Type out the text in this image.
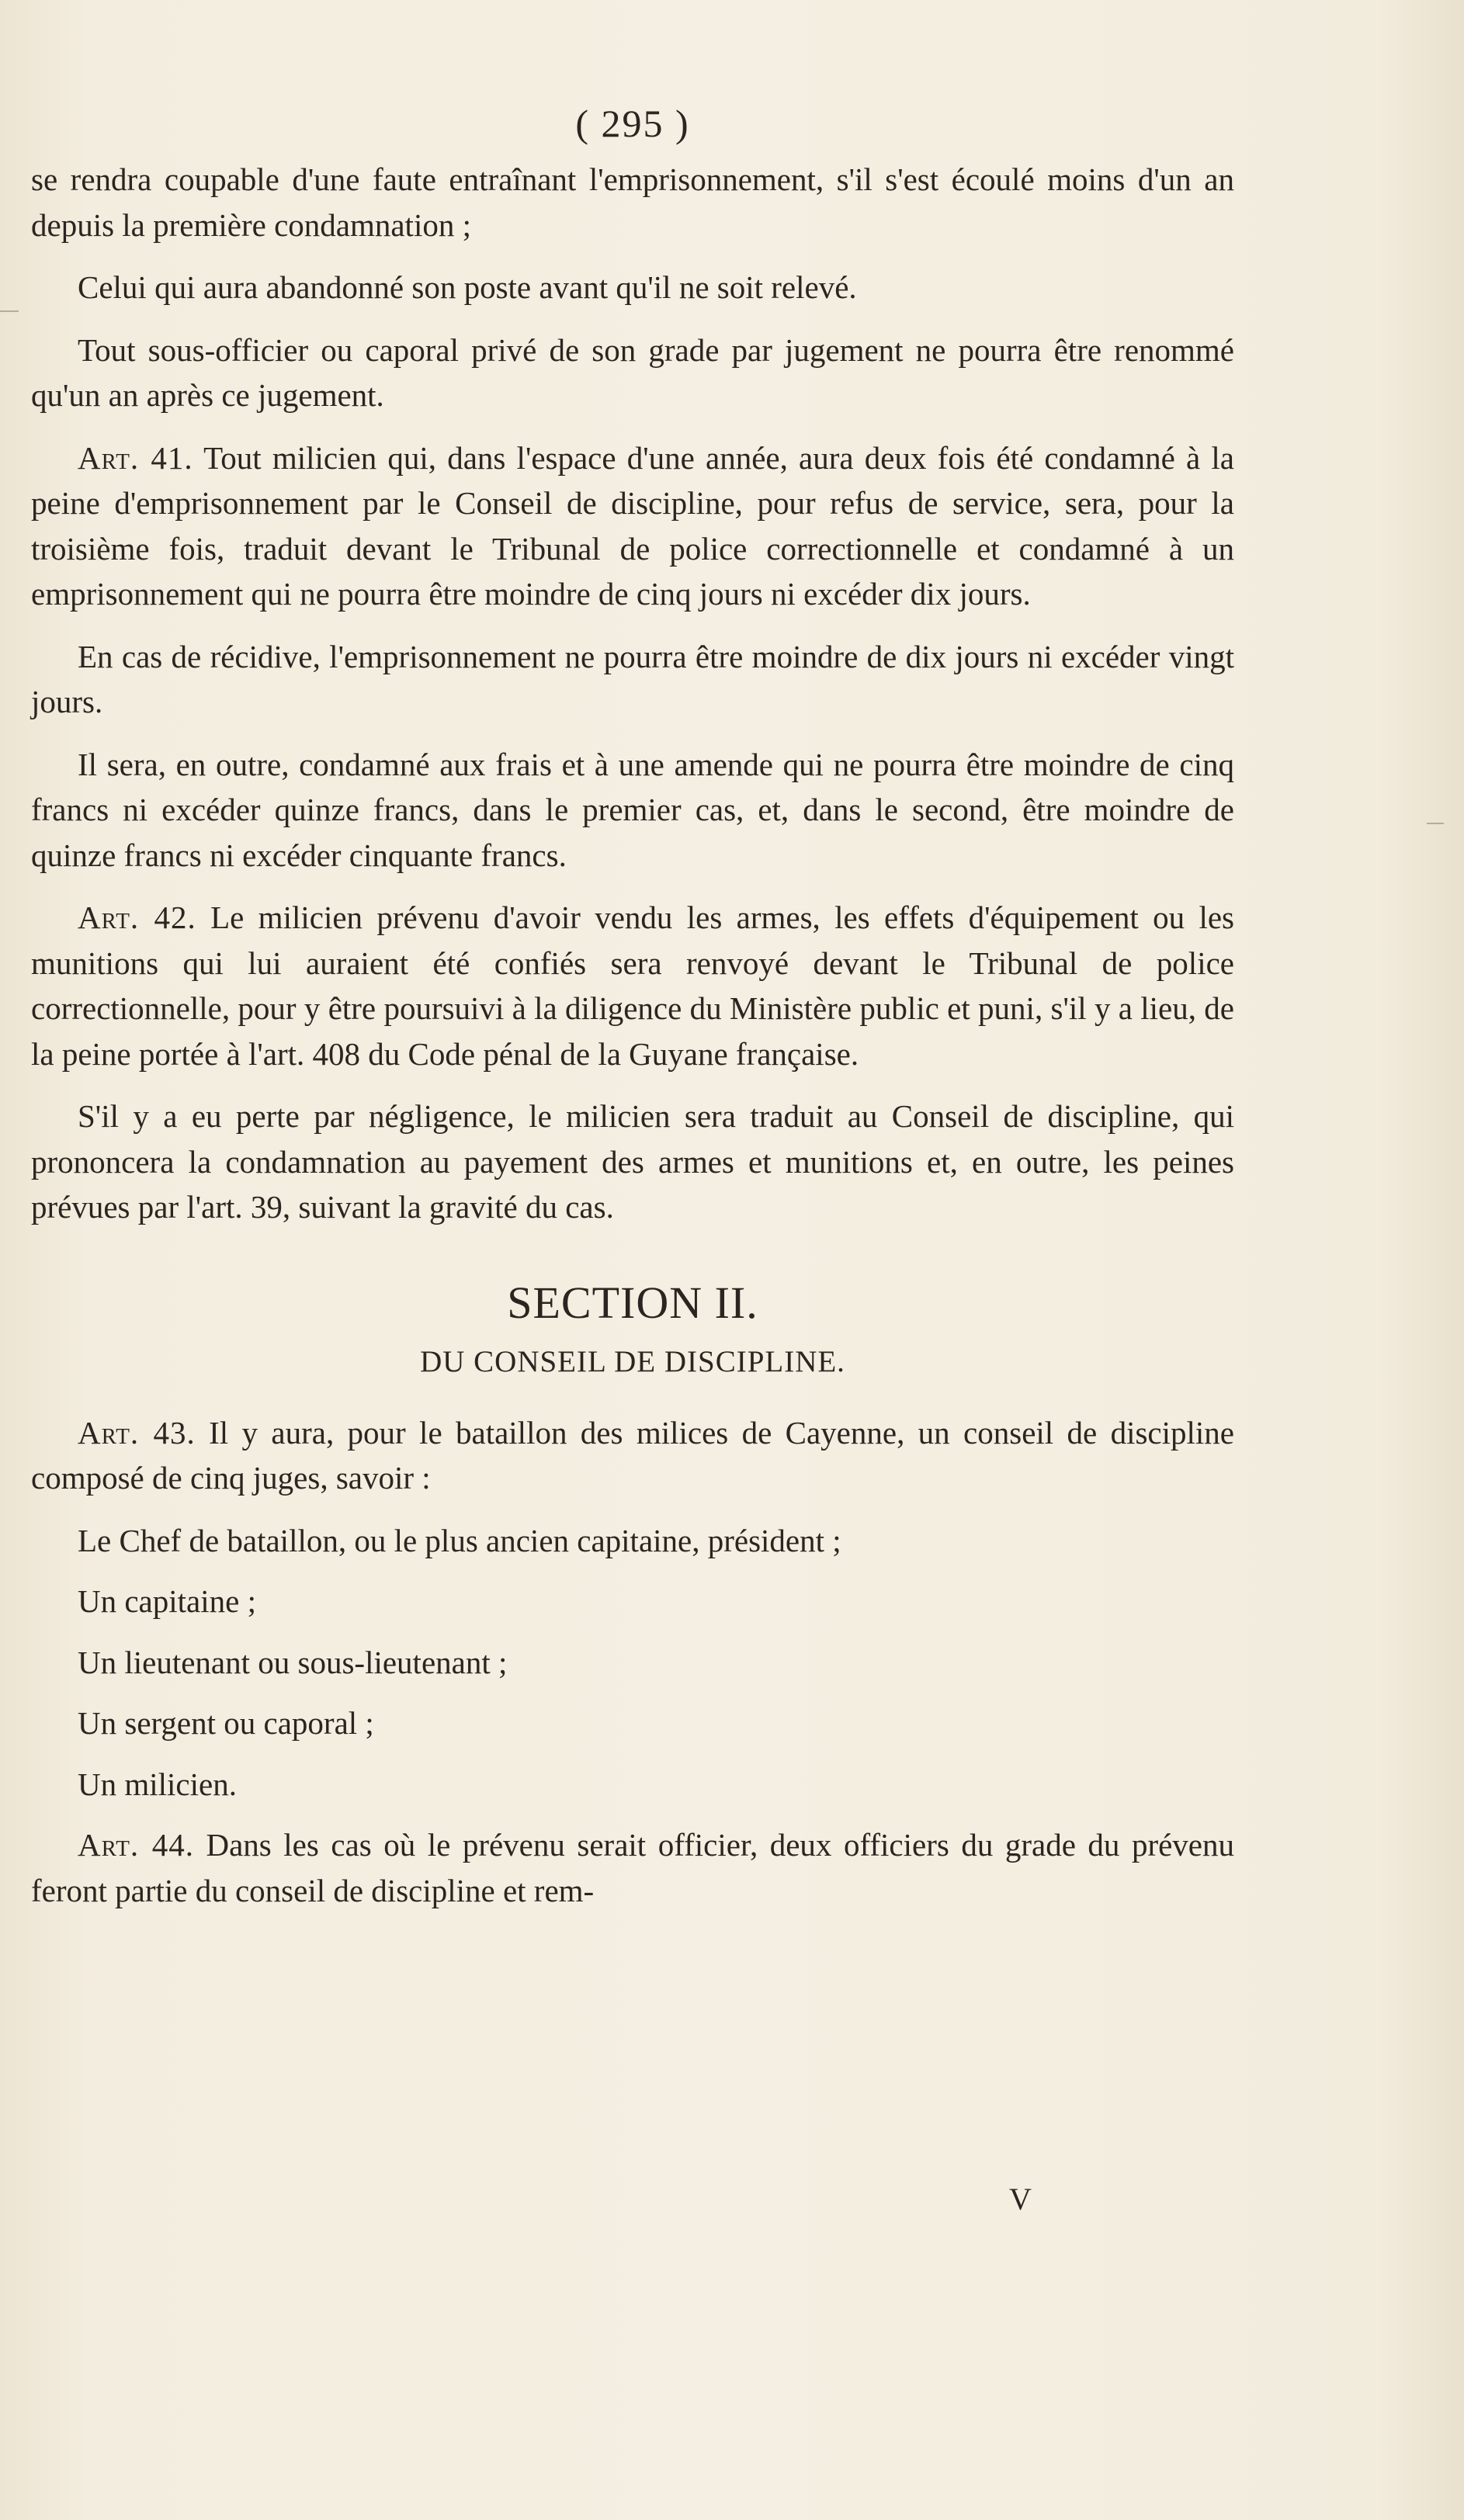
( 295 )

se rendra coupable d'une faute entraînant l'emprisonnement, s'il s'est écoulé moins d'un an depuis la première condamnation ;

Celui qui aura abandonné son poste avant qu'il ne soit relevé.

Tout sous-officier ou caporal privé de son grade par jugement ne pourra être renommé qu'un an après ce jugement.

Art. 41. Tout milicien qui, dans l'espace d'une année, aura deux fois été condamné à la peine d'emprisonnement par le Conseil de discipline, pour refus de service, sera, pour la troisième fois, traduit devant le Tribunal de police correctionnelle et condamné à un emprisonnement qui ne pourra être moindre de cinq jours ni excéder dix jours.

En cas de récidive, l'emprisonnement ne pourra être moindre de dix jours ni excéder vingt jours.

Il sera, en outre, condamné aux frais et à une amende qui ne pourra être moindre de cinq francs ni excéder quinze francs, dans le premier cas, et, dans le second, être moindre de quinze francs ni excéder cinquante francs.

Art. 42. Le milicien prévenu d'avoir vendu les armes, les effets d'équipement ou les munitions qui lui auraient été confiés sera renvoyé devant le Tribunal de police correctionnelle, pour y être poursuivi à la diligence du Ministère public et puni, s'il y a lieu, de la peine portée à l'art. 408 du Code pénal de la Guyane française.

S'il y a eu perte par négligence, le milicien sera traduit au Conseil de discipline, qui prononcera la condamnation au payement des armes et munitions et, en outre, les peines prévues par l'art. 39, suivant la gravité du cas.

SECTION II.
DU CONSEIL DE DISCIPLINE.

Art. 43. Il y aura, pour le bataillon des milices de Cayenne, un conseil de discipline composé de cinq juges, savoir :

Le Chef de bataillon, ou le plus ancien capitaine, président ;

Un capitaine ;

Un lieutenant ou sous-lieutenant ;

Un sergent ou caporal ;

Un milicien.

Art. 44. Dans les cas où le prévenu serait officier, deux officiers du grade du prévenu feront partie du conseil de discipline et rem-

V
